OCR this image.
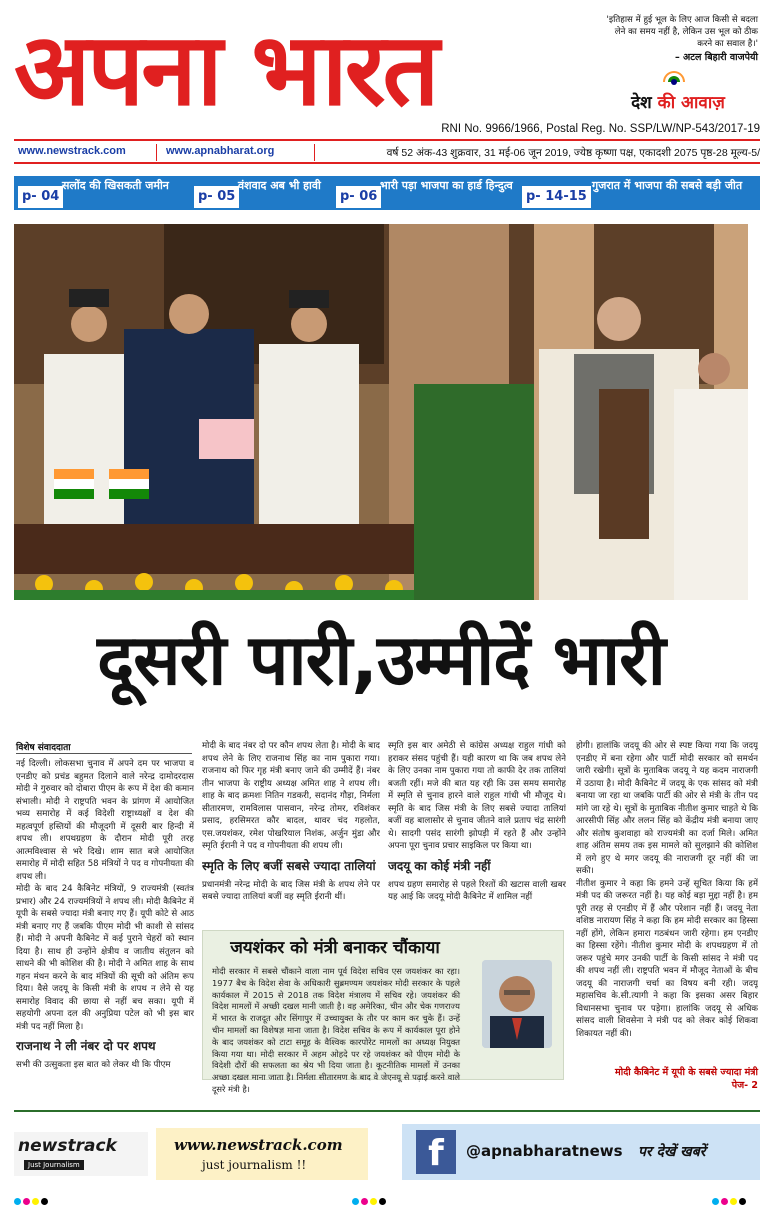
अपना भारत	'इतिहास में हुई भूल के लिए आज किसी से बदला लेने का समय नहीं है, लेकिन उस भूल को ठीक करने का सवाल है।'
– अटल बिहारी वाजपेयी
देश की आवाज़
RNI No. 9966/1966, Postal Reg. No. SSP/LW/NP-543/2017-19
www.newstrack.com	www.apnabharat.org	वर्ष 52 अंक-43 शुक्रवार, 31 मई-06 जून 2019, ज्येष्ठ कृष्णा पक्ष, एकादशी 2075 पृष्ठ-28 मूल्य-5/
p- 04
सलोंद की खिसकती जमीन
p- 05
वंशवाद अब भी हावी
p- 06
भारी पड़ा भाजपा का हार्ड हिन्दुत्व
p- 14-15
गुजरात में भाजपा की सबसे बड़ी जीत
दूसरी पारी,उम्मीदें भारी
विशेष संवाददाता

नई दिल्ली। लोकसभा चुनाव में अपने दम पर भाजपा व एनडीए को प्रचंड बहुमत दिलाने वाले नरेन्द्र दामोदरदास मोदी ने गुरुवार को दोबारा पीएम के रूप में देश की कमान संभाली। मोदी ने राष्ट्रपति भवन के प्रांगण में आयोजित भव्य समारोह में कई विदेशी राष्ट्राध्यक्षों व देश की महत्वपूर्ण हस्तियों की मौजूदगी में दूसरी बार हिन्दी में शपथ ली। शपथग्रहण के दौरान मोदी पूरी तरह आत्मविश्वास से भरे दिखे। शाम सात बजे आयोजित समारोह में मोदी सहित 58 मंत्रियों ने पद व गोपनीयता की शपथ ली।

मोदी के बाद 24 कैबिनेट मंत्रियों, 9 राज्यमंत्री (स्वतंत्र प्रभार) और 24 राज्यमंत्रियों ने शपथ ली। मोदी कैबिनेट में यूपी के सबसे ज्यादा मंत्री बनाए गए हैं। यूपी कोटे से आठ मंत्री बनाए गए हैं जबकि पीएम मोदी भी काशी से सांसद हैं। मोदी ने अपनी कैबिनेट में कई पुराने चेहरों को स्थान दिया है। साथ ही उन्होंने क्षेत्रीय व जातीय संतुलन को साधने की भी कोशिश की है। मोदी ने अमित शाह के साथ गहन मंथन करने के बाद मंत्रियों की सूची को अंतिम रूप दिया। वैसे जदयू के किसी मंत्री के शपथ न लेने से यह समारोह विवाद की छाया से नहीं बच सका। यूपी में सहयोगी अपना दल की अनुप्रिया पटेल को भी इस बार मंत्री पद नहीं मिला है।

राजनाथ ने ली नंबर दो पर शपथ

सभी की उत्सुकता इस बात को लेकर थी कि पीएम

मोदी के बाद नंबर दो पर कौन शपथ लेता है। मोदी के बाद शपथ लेने के लिए राजनाथ सिंह का नाम पुकारा गया। राजनाथ को फिर गृह मंत्री बनाए जाने की उम्मीदें हैं। नंबर तीन भाजपा के राष्ट्रीय अध्यक्ष अमित शाह ने शपथ ली। शाह के बाद क्रमशः नितिन गडकरी, सदानंद गौड़ा, निर्मला सीतारमण, रामविलास पासवान, नरेन्द्र तोमर, रविशंकर प्रसाद, हरसिमरत कौर बादल, थावर चंद गहलोत, एस.जयशंकर, रमेश पोखरियाल निशंक, अर्जुन मुंडा और स्मृति ईरानी ने पद व गोपनीयता की शपथ ली।

स्मृति के लिए बजीं सबसे ज्यादा तालियां

प्रधानमंत्री नरेन्द्र मोदी के बाद जिस मंत्री के शपथ लेने पर सबसे ज्यादा तालियां बजीं वह स्मृति ईरानी थीं।

स्मृति इस बार अमेठी से कांग्रेस अध्यक्ष राहुल गांधी को हराकर संसद पहुंची हैं। यही कारण था कि जब शपथ लेने के लिए उनका नाम पुकारा गया तो काफी देर तक तालियां बजती रहीं। मजे की बात यह रही कि उस समय समारोह में स्मृति से चुनाव हारने वाले राहुल गांधी भी मौजूद थे। स्मृति के बाद जिस मंत्री के लिए सबसे ज्यादा तालियां बजीं वह बालासोर से चुनाव जीतने वाले प्रताप चंद्र सारंगी थे। सादगी पसंद सारंगी झोपड़ी में रहते हैं और उन्होंने अपना पूरा चुनाव प्रचार साइकिल पर किया था।

जदयू का कोई मंत्री नहीं

शपथ ग्रहण समारोह से पहले रिश्तों की खटास वाली खबर यह आई कि जदयू मोदी कैबिनेट में शामिल नहीं

होगी। हालांकि जदयू की ओर से स्पष्ट किया गया कि जदयू एनडीए में बना रहेगा और पार्टी मोदी सरकार को समर्थन जारी रखेगी। सूत्रों के मुताबिक जदयू ने यह कदम नाराजगी में उठाया है। मोदी कैबिनेट में जदयू के एक सांसद को मंत्री बनाया जा रहा था जबकि पार्टी की ओर से मंत्री के तीन पद मांगे जा रहे थे। सूत्रों के मुताबिक नीतीश कुमार चाहते थे कि आरसीपी सिंह और ललन सिंह को केंद्रीय मंत्री बनाया जाए और संतोष कुशवाहा को राज्यमंत्री का दर्जा मिले। अमित शाह अंतिम समय तक इस मामले को सुलझाने की कोशिश में लगे हुए थे मगर जदयू की नाराजगी दूर नहीं की जा सकी।

नीतीश कुमार ने कहा कि हमने उन्हें सूचित किया कि हमें मंत्री पद की जरूरत नहीं है। यह कोई बड़ा मुद्दा नहीं है। हम पूरी तरह से एनडीए में हैं और परेशान नहीं हैं। जदयू नेता वशिष्ठ नारायण सिंह ने कहा कि हम मोदी सरकार का हिस्सा नहीं होंगे, लेकिन हमारा गठबंधन जारी रहेगा। हम एनडीए का हिस्सा रहेंगे। नीतीश कुमार मोदी के शपथग्रहण में तो जरूर पहुंचे मगर उनकी पार्टी के किसी सांसद ने मंत्री पद की शपथ नहीं ली। राष्ट्रपति भवन में मौजूद नेताओं के बीच जदयू की नाराजगी चर्चा का विषय बनी रही। जदयू महासचिव के.सी.त्यागी ने कहा कि इसका असर बिहार विधानसभा चुनाव पर पड़ेगा। हालांकि जदयू से अधिक सांसद वाली शिवसेना ने मंत्री पद को लेकर कोई शिकवा शिकायत नहीं की।

मोदी कैबिनेट में यूपी के सबसे ज्यादा मंत्री
पेज- 2
जयशंकर को मंत्री बनाकर चौंकाया
मोदी सरकार में सबसे चौंकाने वाला नाम पूर्व विदेश सचिव एस जयशंकर का रहा। 1977 बैच के विदेश सेवा के अधिकारी सुब्रमण्यम जयशंकर मोदी सरकार के पहले कार्यकाल में 2015 से 2018 तक विदेश मंत्रालय में सचिव रहे। जयशंकर की विदेश मामलों में अच्छी दखल मानी जाती है। वह अमेरिका, चीन और चेक गणराज्य में भारत के राजदूत और सिंगापुर में उच्चायुक्त के तौर पर काम कर चुके हैं। उन्हें चीन मामलों का विशेषज्ञ माना जाता है। विदेश सचिव के रूप में कार्यकाल पूरा होने के बाद जयशंकर को टाटा समूह के वैश्विक कारपोरेट मामलों का अध्यक्ष नियुक्त किया गया था। मोदी सरकार में अहम ओहदे पर रहे जयशंकर को पीएम मोदी के विदेशी दौरों की सफलता का श्रेय भी दिया जाता है। कूटनीतिक मामलों में उनका अच्छा दखल माना जाता है। निर्मला सीतारमण के बाद वे जेएनयू से पढ़ाई करने वाले दूसरे मंत्री है।
newstrack
Just Journalism
www.newstrack.com
just journalism !!	f	@apnabharatnews पर देखें खबरें
